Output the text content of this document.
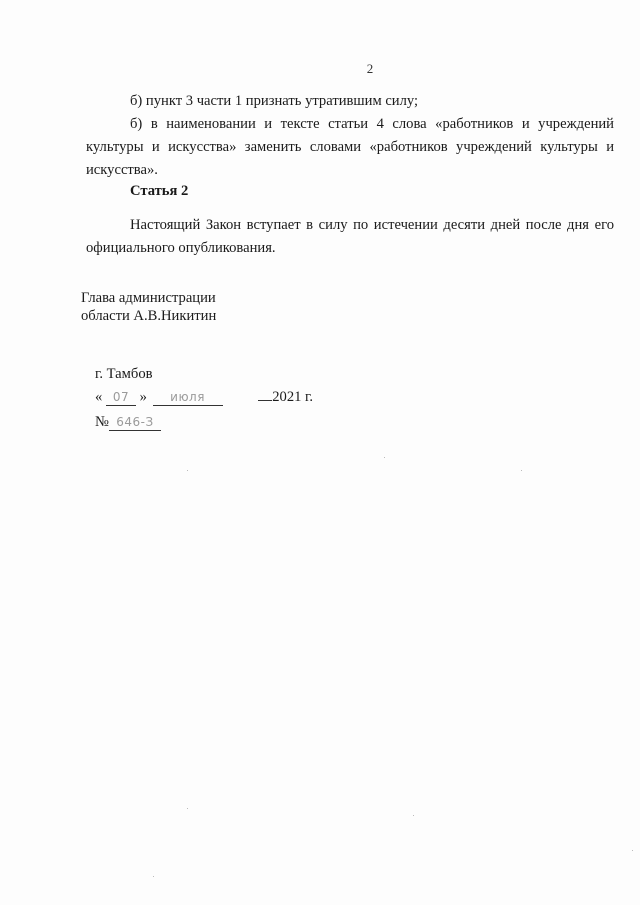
2
б) пункт 3 части 1 признать утратившим силу;
б) в наименовании и тексте статьи 4 слова «работников и учреждений культуры и искусства» заменить словами «работников учреждений культуры и искусства».
Статья 2
Настоящий Закон вступает в силу по истечении десяти дней после дня его официального опубликования.
Глава администрации
области А.В.Никитин
г. Тамбов
« 07 » июля	2021 г.
№ 646-З
